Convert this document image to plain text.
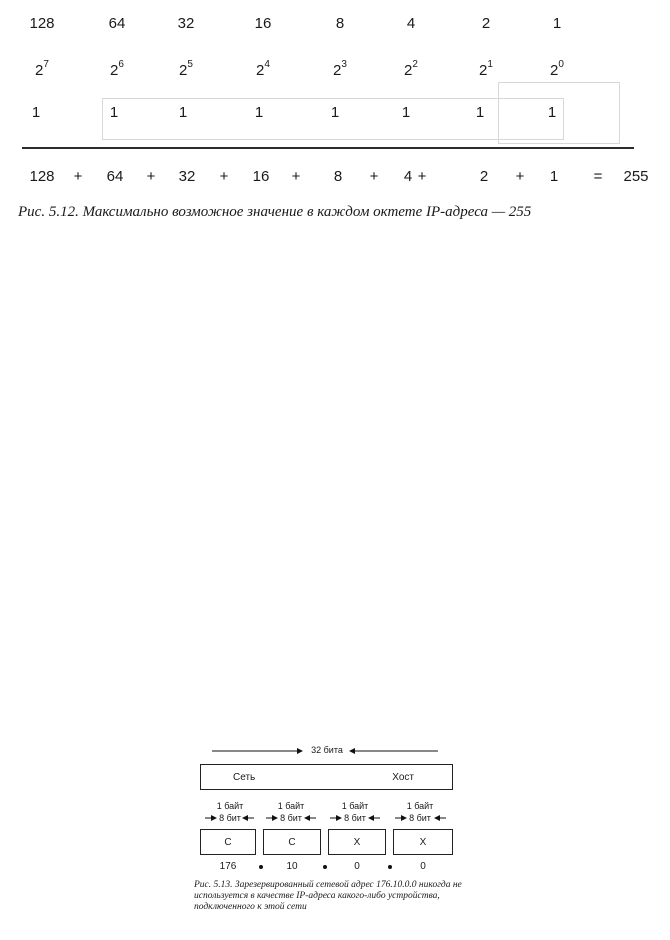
128	64	32	16	8	4	2	1
$2^7$	$2^6$	$2^5$	$2^4$	$2^3$	$2^2$	$2^1$	$2^0$
1	1	1	1	1	1	1	1
128	+	64	+	32	+	16	+	8	+	4 +	2	+	1	=	255
Рис. 5.12. Максимально возможное значение в каждом октете IP-адреса — 255
32 бита
Сеть	Хост
1 байт	1 байт	1 байт	1 байт
8 бит	8 бит	8 бит	8 бит
С	С	Х	Х
176	10	0	0
Рис. 5.13. Зарезервированный сетевой адрес 176.10.0.0 никогда не используется в качестве IP-адреса какого-либо устройства, подключенного к этой сети
